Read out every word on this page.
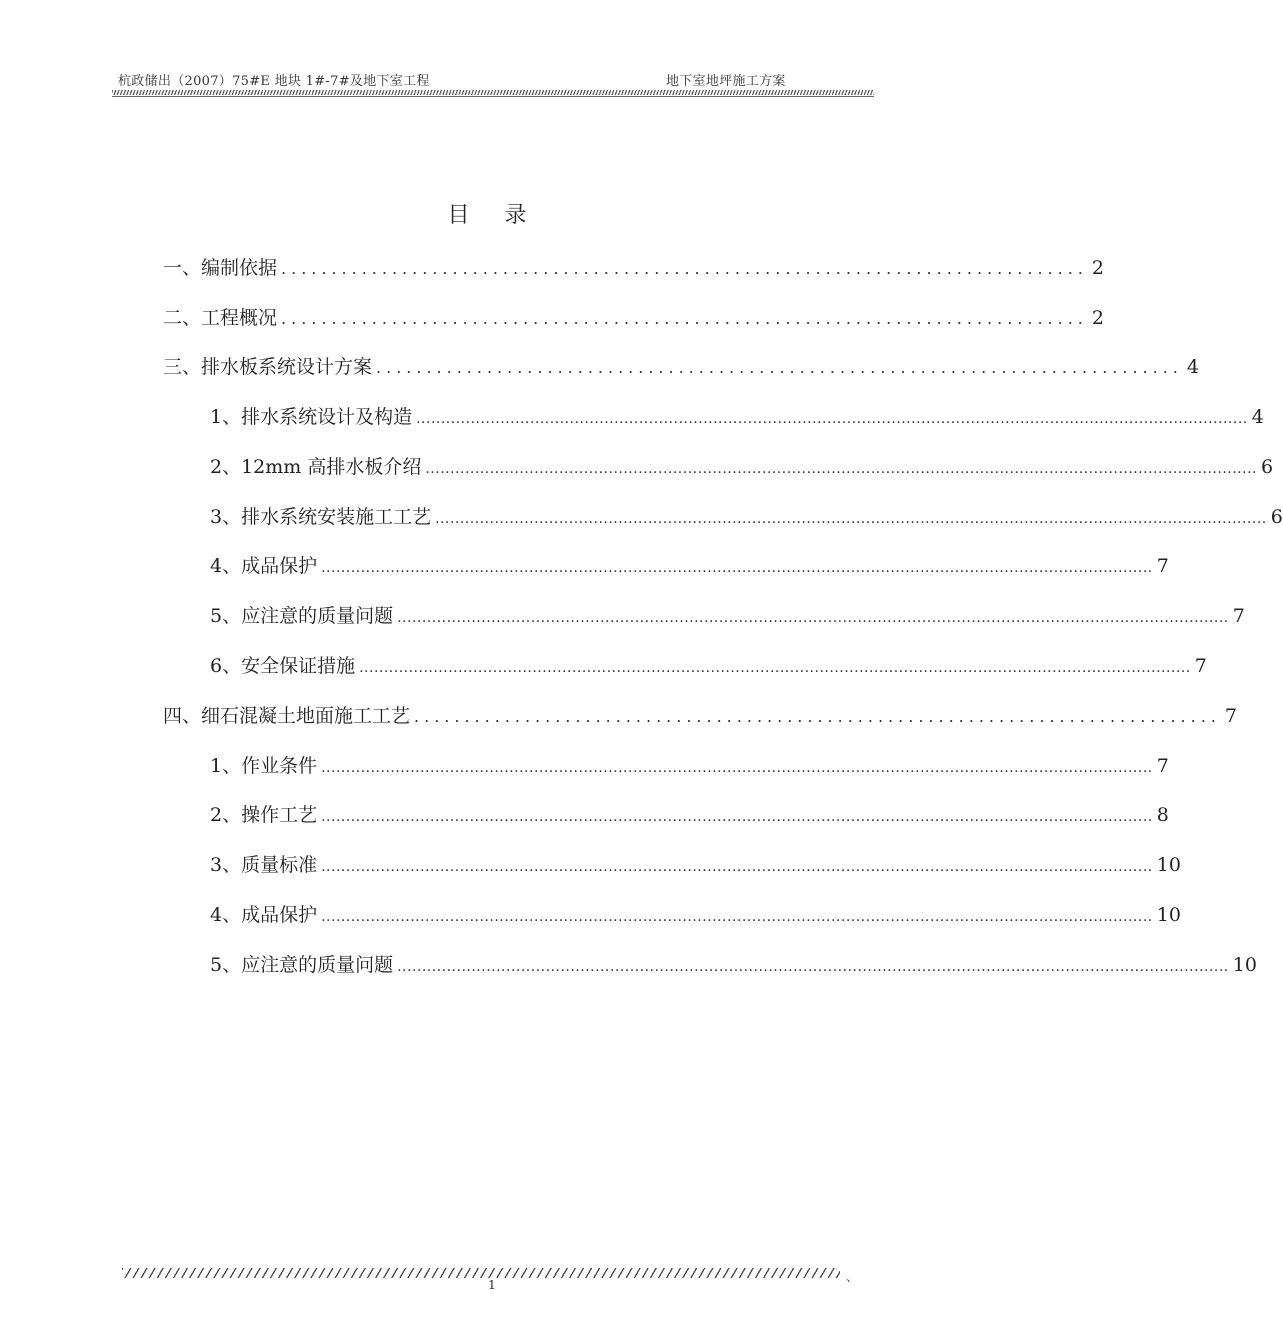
杭政储出（2007）75#E 地块 1#-7#及地下室工程	地下室地坪施工方案
目 录
一、编制依据 ................................................................................ 2
二、工程概况 ................................................................................ 2
三、排水板系统设计方案 ................................................................................ 4
1、排水系统设计及构造 ........................................................................................................................................................................ 4
2、12mm 高排水板介绍 ........................................................................................................................................................................ 6
3、排水系统安装施工工艺 ........................................................................................................................................................................ 6
4、成品保护 ........................................................................................................................................................................ 7
5、应注意的质量问题 ........................................................................................................................................................................ 7
6、安全保证措施 ........................................................................................................................................................................ 7
四、细石混凝土地面施工工艺 ................................................................................ 7
1、作业条件 ........................................................................................................................................................................ 7
2、操作工艺 ........................................................................................................................................................................ 8
3、质量标准 ........................................................................................................................................................................ 10
4、成品保护 ........................................................................................................................................................................ 10
5、应注意的质量问题 ........................................................................................................................................................................ 10
、
1
